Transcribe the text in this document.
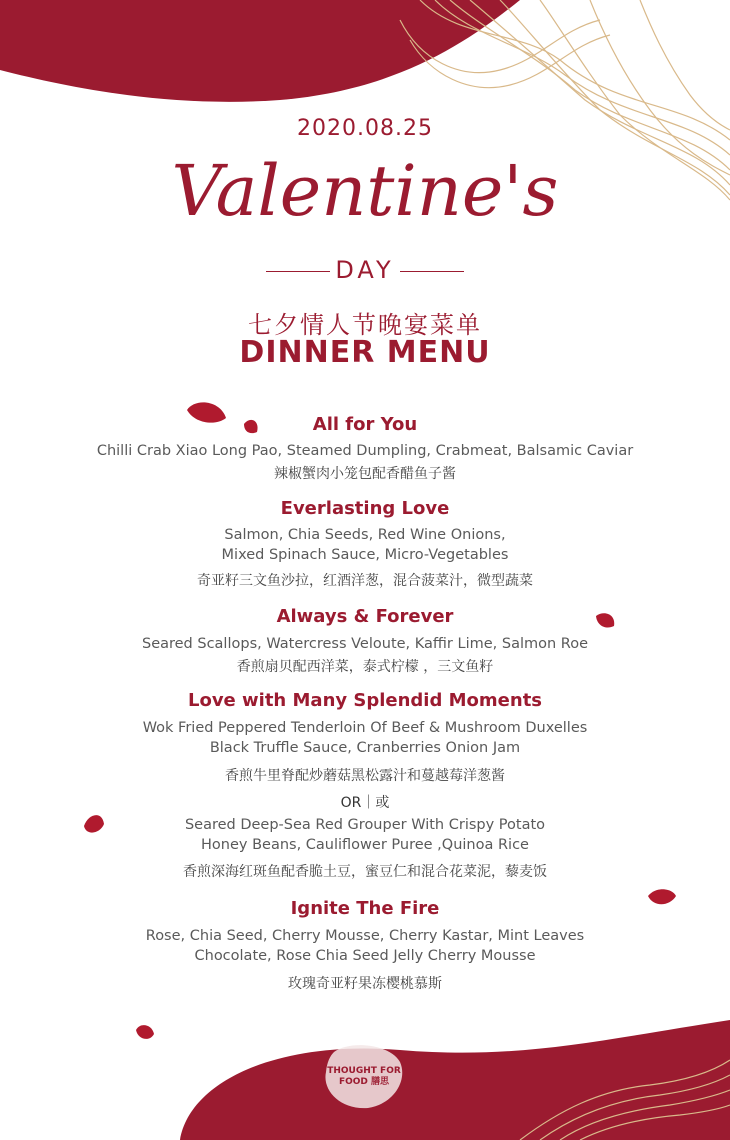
2020.08.25
Valentine's
DAY
七夕情人节晚宴菜单
DINNER MENU
All for You
Chilli Crab Xiao Long Pao, Steamed Dumpling, Crabmeat, Balsamic Caviar
辣椒蟹肉小笼包配香醋鱼子酱
Everlasting Love
Salmon, Chia Seeds, Red Wine Onions,
Mixed Spinach Sauce, Micro-Vegetables
奇亚籽三文鱼沙拉，红酒洋葱，混合菠菜汁，微型蔬菜
Always & Forever
Seared Scallops, Watercress Veloute, Kaffir Lime, Salmon Roe
香煎扇贝配西洋菜，泰式柠檬 ，三文鱼籽
Love with Many Splendid Moments
Wok Fried Peppered Tenderloin Of Beef & Mushroom Duxelles
Black Truffle Sauce, Cranberries Onion Jam
香煎牛里脊配炒蘑菇黑松露汁和蔓越莓洋葱酱
OR｜或
Seared Deep-Sea Red Grouper With Crispy Potato
Honey Beans, Cauliflower Puree ,Quinoa Rice
香煎深海红斑鱼配香脆土豆，蜜豆仁和混合花菜泥，藜麦饭
Ignite The Fire
Rose, Chia Seed, Cherry Mousse, Cherry Kastar, Mint Leaves
Chocolate, Rose Chia Seed Jelly Cherry Mousse
玫瑰奇亚籽果冻樱桃慕斯
THOUGHT FOR FOOD 膳思
